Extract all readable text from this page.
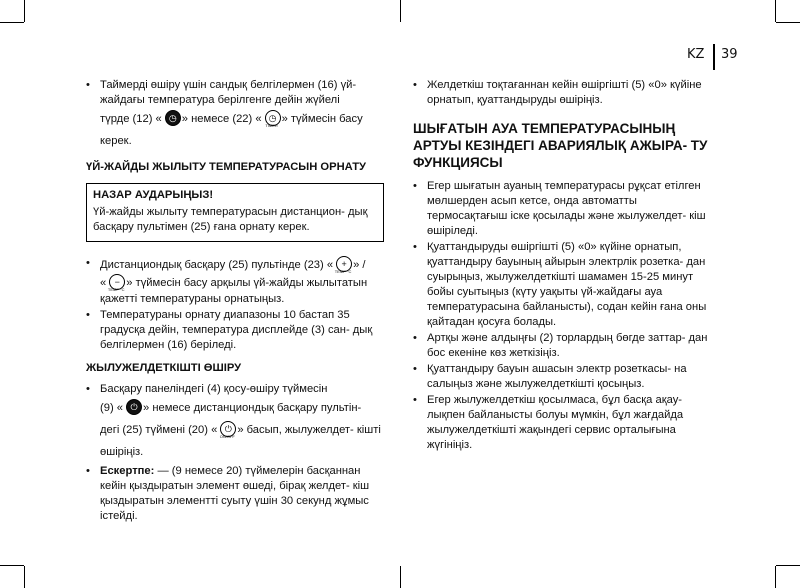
KZ 39
• Таймерді өшіру үшін сандық белгілермен (16) үй-жайдағы температура берілгенге дейін жүйелі
түрде (12) « ◷ » немесе (22) « ◷
TIMER
» түймесін басу керек.
ҮЙ-ЖАЙДЫ ЖЫЛЫТУ ТЕМПЕРАТУРАСЫН ОРНАТУ
НАЗАР АУДАРЫҢЫЗ!
Үй-жайды жылыту температурасын дистанцион- дық басқару пультімен (25) ғана орнату керек.
• Дистанциондық басқару (25) пультінде (23) « +
TEMP °C
» /
« −
TEMP °C
» түймесін басу арқылы үй-жайды жылытатын қажетті температураны орнатыңыз.
• Температураны орнату диапазоны 10 бастап 35 градусқа дейін, температура дисплейде (3) сан- дық белгілермен (16) беріледі.
ЖЫЛУЖЕЛДЕТКІШТІ ӨШІРУ
• Басқару панеліндегі (4) қосу-өшіру түймесін
(9) « ⏻ » немесе дистанциондық басқару пультін-
дегі (25) түймені (20) « ⏻
ON/OFF
» басып, жылужелдет- кішті өшіріңіз.
• Ескертпе: — (9 немесе 20) түймелерін басқаннан кейін қыздыратын элемент өшеді, бірақ желдет- кіш қыздыратын элементті суыту үшін 30 секунд жұмыс істейді.
• Желдеткіш тоқтағаннан кейін өшіргішті (5) «0» күйіне орнатып, қуаттандыруды өшіріңіз.
ШЫҒАТЫН АУА ТЕМПЕРАТУРАСЫНЫҢ АРТУЫ КЕЗІНДЕГІ АВАРИЯЛЫҚ АЖЫРА- ТУ ФУНКЦИЯСЫ
• Егер шығатын ауаның температурасы рұқсат етілген мөлшерден асып кетсе, онда автоматты термосақтағыш іске қосылады және жылужелдет- кіш өшіріледі.
• Қуаттандыруды өшіргішті (5) «0» күйіне орнатып, қуаттандыру бауының айырын электрлік розетка- дан суырыңыз, жылужелдеткішті шамамен 15-25 минут бойы суытыңыз (күту уақыты үй-жайдағы ауа температурасына байланысты), содан кейін ғана оны қайтадан қосуға болады.
• Артқы және алдыңғы (2) торлардың бөгде заттар- дан бос екеніне көз жеткізіңіз.
• Қуаттандыру бауын ашасын электр розеткасы- на салыңыз және жылужелдеткішті қосыңыз.
• Егер жылужелдеткіш қосылмаса, бұл басқа ақау- лықпен байланысты болуы мүмкін, бұл жағдайда жылужелдеткішті жақындегі сервис орталығына жүгініңіз.
